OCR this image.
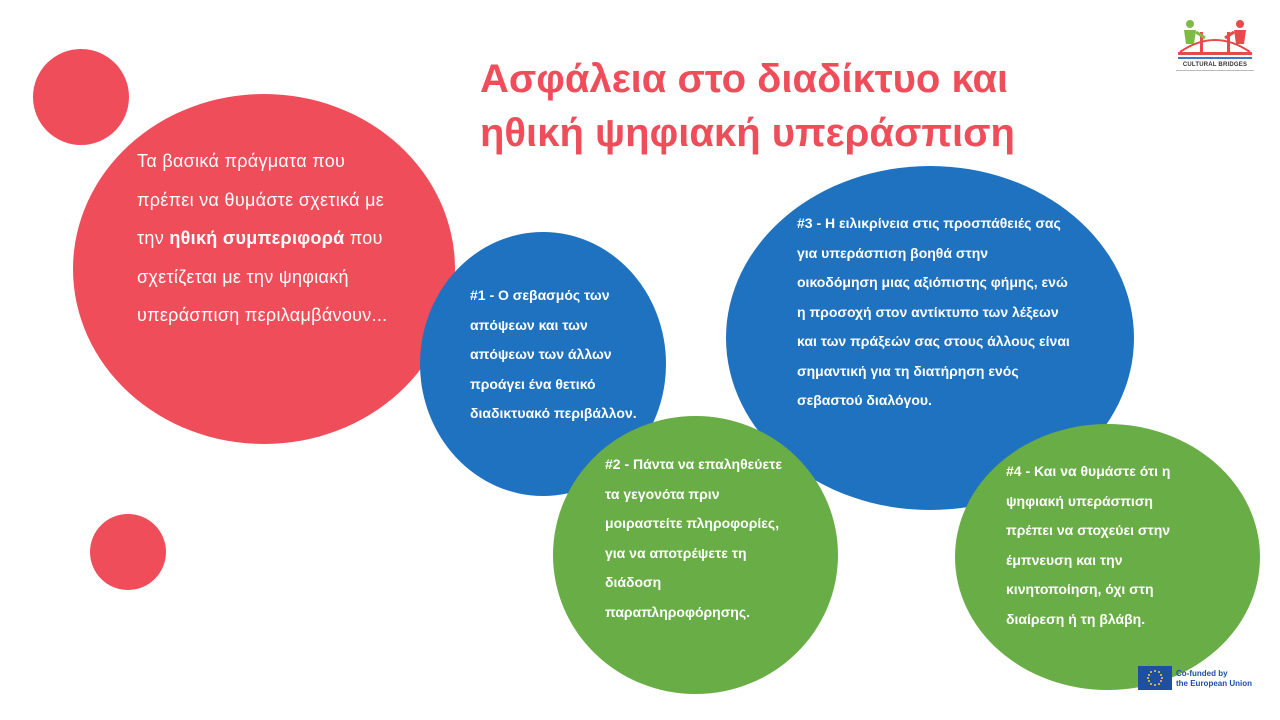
Ασφάλεια στο διαδίκτυο και
ηθική ψηφιακή υπεράσπιση
Τα βασικά πράγματα που πρέπει να θυμάστε σχετικά με την ηθική συμπεριφορά που σχετίζεται με την ψηφιακή υπεράσπιση περιλαμβάνουν...
#1 - Ο σεβασμός των απόψεων και των απόψεων των άλλων προάγει ένα θετικό διαδικτυακό περιβάλλον.
#2 - Πάντα να επαληθεύετε τα γεγονότα πριν μοιραστείτε πληροφορίες, για να αποτρέψετε τη διάδοση παραπληροφόρησης.
#3 - Η ειλικρίνεια στις προσπάθειές σας για υπεράσπιση βοηθά στην οικοδόμηση μιας αξιόπιστης φήμης, ενώ η προσοχή στον αντίκτυπο των λέξεων και των πράξεών σας στους άλλους είναι σημαντική για τη διατήρηση ενός σεβαστού διαλόγου.
#4 - Και να θυμάστε ότι η ψηφιακή υπεράσπιση πρέπει να στοχεύει στην έμπνευση και την κινητοποίηση, όχι στη διαίρεση ή τη βλάβη.
CULTURAL BRIDGES
Co-funded by
the European Union
